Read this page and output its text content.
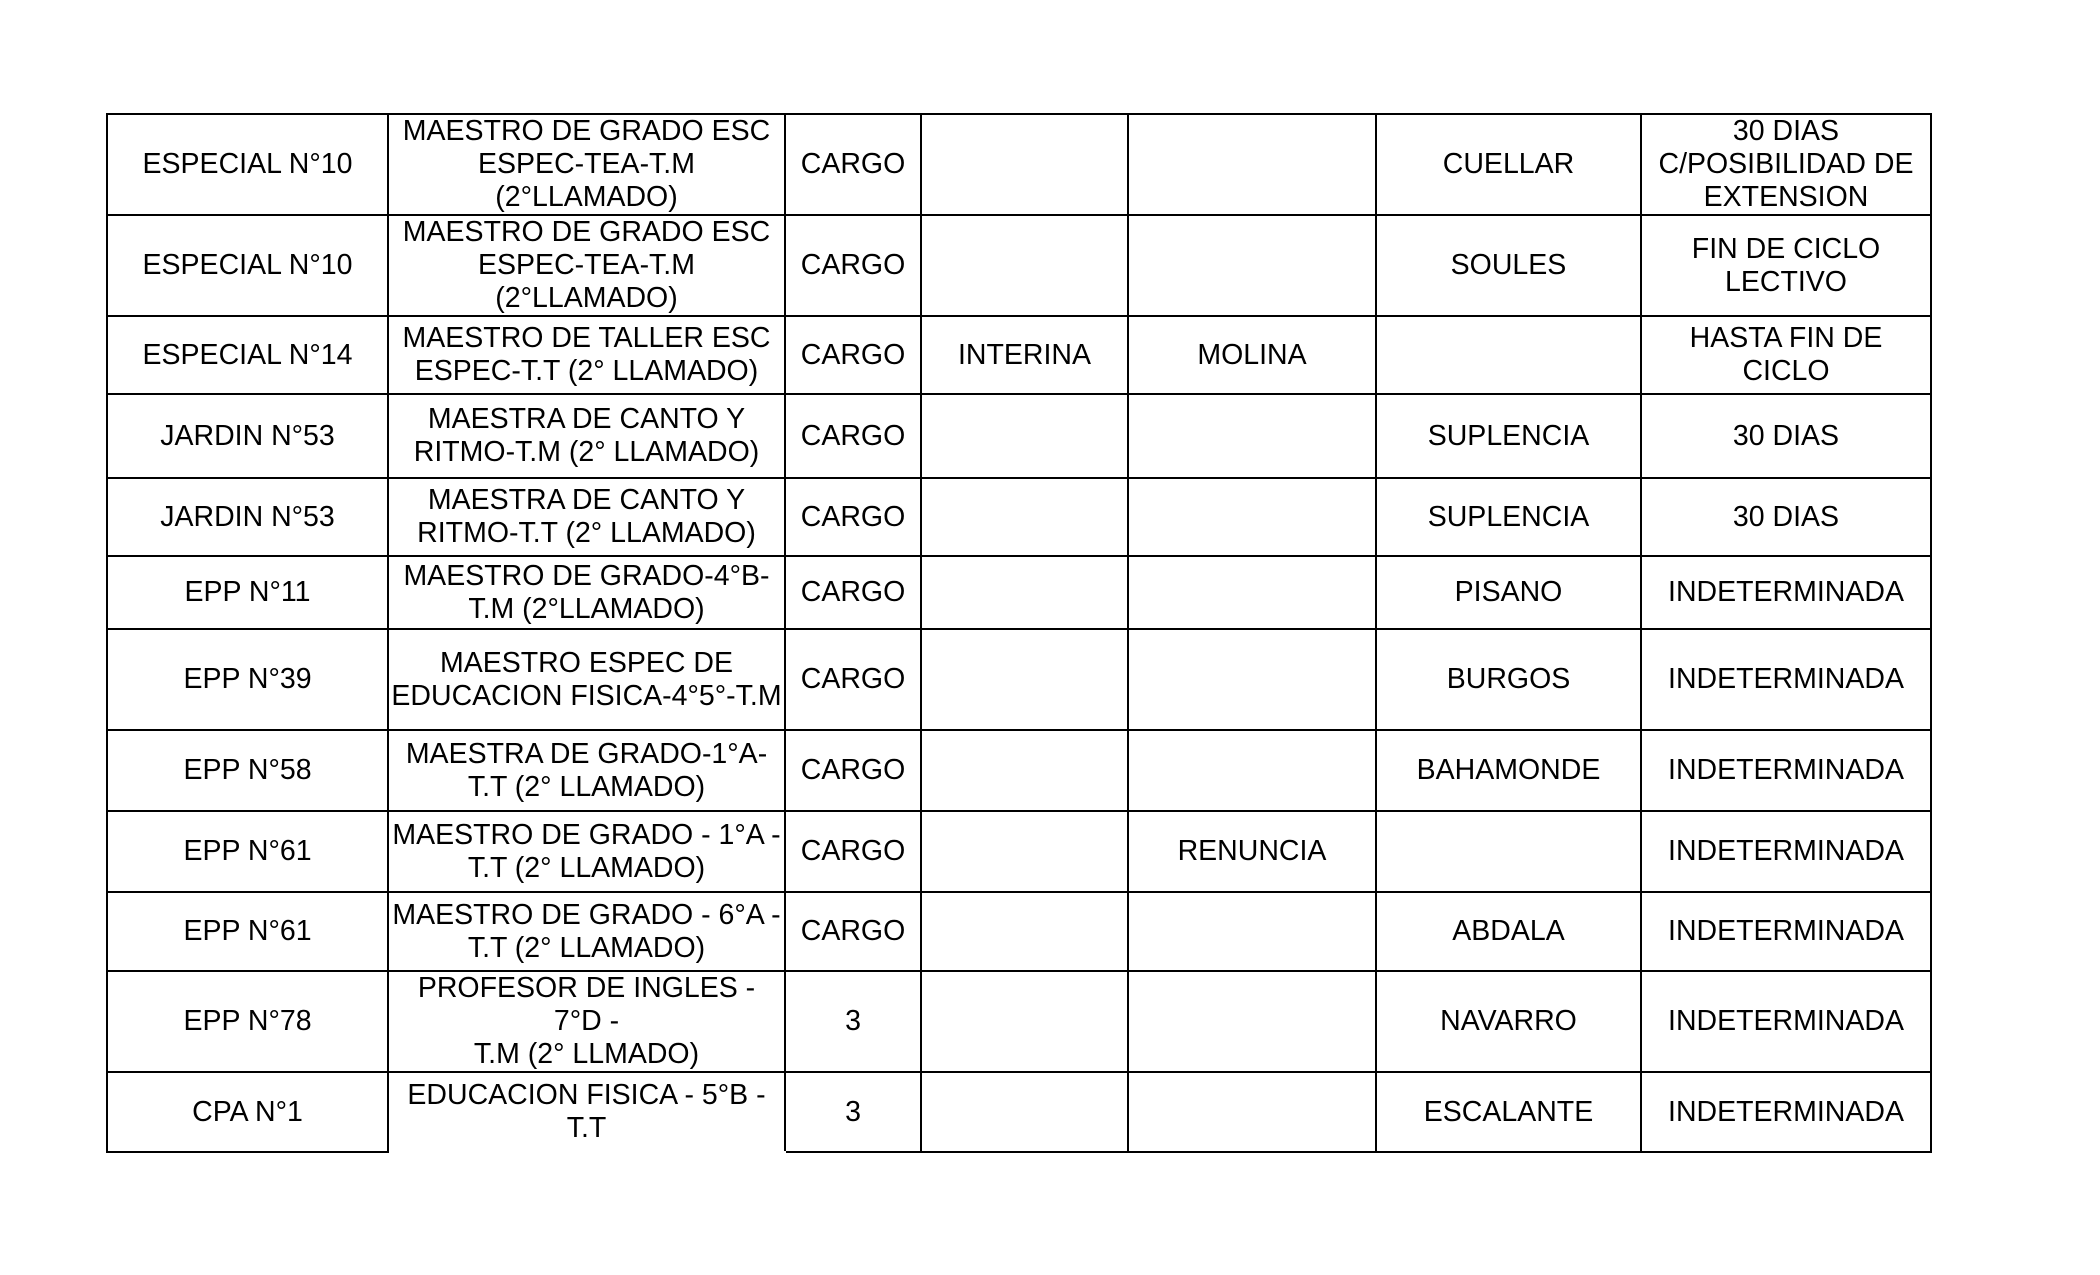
ESPECIAL N°10	MAESTRO DE GRADO ESC
ESPEC-TEA-T.M
(2°LLAMADO)	CARGO			CUELLAR	30 DIAS
C/POSIBILIDAD DE
EXTENSION
ESPECIAL N°10	MAESTRO DE GRADO ESC
ESPEC-TEA-T.M
(2°LLAMADO)	CARGO			SOULES	FIN DE CICLO
LECTIVO
ESPECIAL N°14	MAESTRO DE TALLER ESC
ESPEC-T.T (2° LLAMADO)	CARGO	INTERINA	MOLINA		HASTA FIN DE CICLO
JARDIN N°53	MAESTRA DE CANTO Y
RITMO-T.M (2° LLAMADO)	CARGO			SUPLENCIA	30 DIAS
JARDIN N°53	MAESTRA DE CANTO Y
RITMO-T.T (2° LLAMADO)	CARGO			SUPLENCIA	30 DIAS
EPP N°11	MAESTRO DE GRADO-4°B-
T.M (2°LLAMADO)	CARGO			PISANO	INDETERMINADA
EPP N°39	MAESTRO ESPEC DE
EDUCACION FISICA-4°5°-T.M	CARGO			BURGOS	INDETERMINADA
EPP N°58	MAESTRA DE GRADO-1°A-
T.T (2° LLAMADO)	CARGO			BAHAMONDE	INDETERMINADA
EPP N°61	MAESTRO DE GRADO - 1°A -
T.T (2° LLAMADO)	CARGO		RENUNCIA		INDETERMINADA
EPP N°61	MAESTRO DE GRADO - 6°A -
T.T (2° LLAMADO)	CARGO			ABDALA	INDETERMINADA
EPP N°78	PROFESOR DE INGLES - 7°D -
T.M (2° LLMADO)	3			NAVARRO	INDETERMINADA
CPA N°1	EDUCACION FISICA - 5°B -
T.T	3			ESCALANTE	INDETERMINADA
